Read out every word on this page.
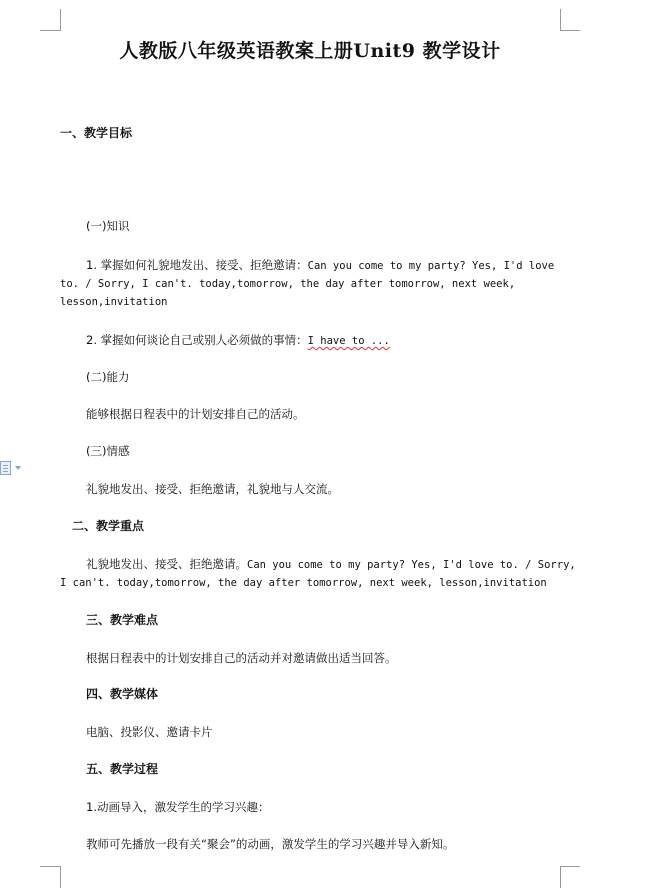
人教版八年级英语教案上册Unit9 教学设计
一、教学目标
(一)知识
1. 掌握如何礼貌地发出、接受、拒绝邀请：Can you come to my party? Yes, I'd love
to. / Sorry, I can't. today,tomorrow, the day after tomorrow, next week,
lesson,invitation
2. 掌握如何谈论自己或别人必须做的事情：I have to ...
(二)能力
能够根据日程表中的计划安排自己的活动。
(三)情感
礼貌地发出、接受、拒绝邀请，礼貌地与人交流。
二、教学重点
礼貌地发出、接受、拒绝邀请。Can you come to my party? Yes, I'd love to. / Sorry,
I can't. today,tomorrow, the day after tomorrow, next week, lesson,invitation
三、教学难点
根据日程表中的计划安排自己的活动并对邀请做出适当回答。
四、教学媒体
电脑、投影仪、邀请卡片
五、教学过程
1.动画导入，激发学生的学习兴趣：
教师可先播放一段有关“聚会”的动画，激发学生的学习兴趣并导入新知。
